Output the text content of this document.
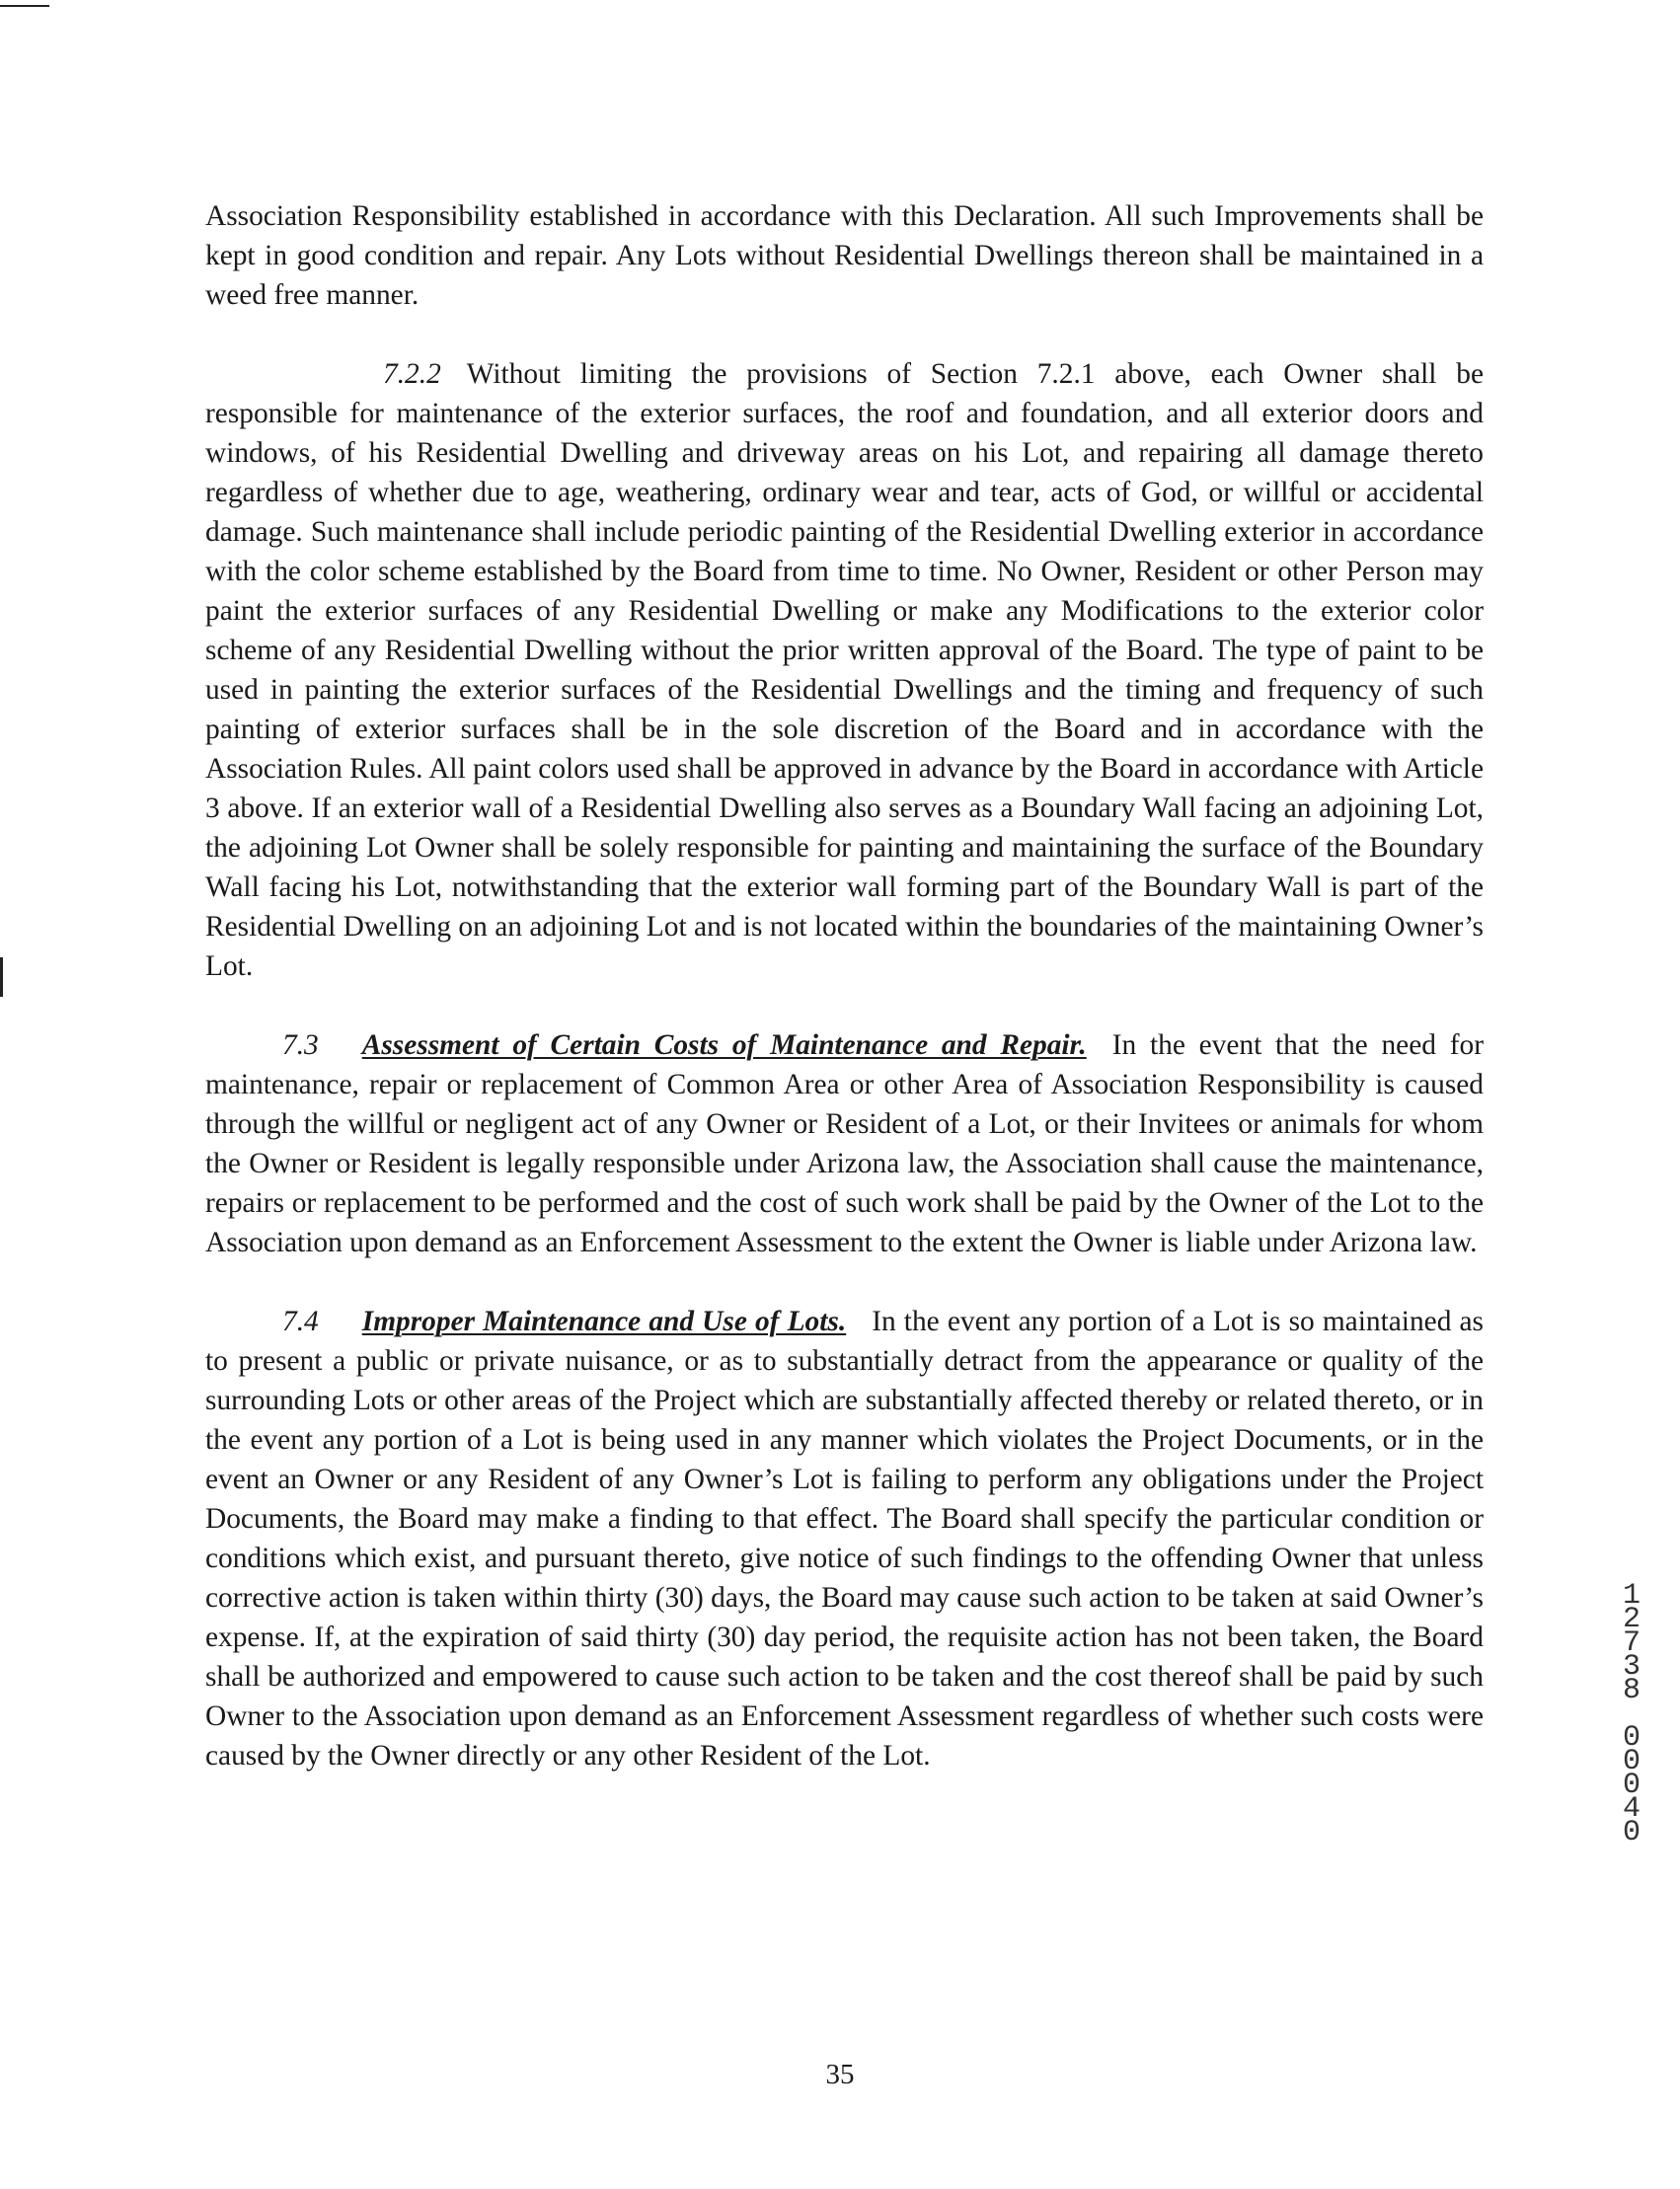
Association Responsibility established in accordance with this Declaration. All such Improvements shall be kept in good condition and repair. Any Lots without Residential Dwellings thereon shall be maintained in a weed free manner.

7.2.2 Without limiting the provisions of Section 7.2.1 above, each Owner shall be responsible for maintenance of the exterior surfaces, the roof and foundation, and all exterior doors and windows, of his Residential Dwelling and driveway areas on his Lot, and repairing all damage thereto regardless of whether due to age, weathering, ordinary wear and tear, acts of God, or willful or accidental damage. Such maintenance shall include periodic painting of the Residential Dwelling exterior in accordance with the color scheme established by the Board from time to time. No Owner, Resident or other Person may paint the exterior surfaces of any Residential Dwelling or make any Modifications to the exterior color scheme of any Residential Dwelling without the prior written approval of the Board. The type of paint to be used in painting the exterior surfaces of the Residential Dwellings and the timing and frequency of such painting of exterior surfaces shall be in the sole discretion of the Board and in accordance with the Association Rules. All paint colors used shall be approved in advance by the Board in accordance with Article 3 above. If an exterior wall of a Residential Dwelling also serves as a Boundary Wall facing an adjoining Lot, the adjoining Lot Owner shall be solely responsible for painting and maintaining the surface of the Boundary Wall facing his Lot, notwithstanding that the exterior wall forming part of the Boundary Wall is part of the Residential Dwelling on an adjoining Lot and is not located within the boundaries of the maintaining Owner’s Lot.

7.3 Assessment of Certain Costs of Maintenance and Repair. In the event that the need for maintenance, repair or replacement of Common Area or other Area of Association Responsibility is caused through the willful or negligent act of any Owner or Resident of a Lot, or their Invitees or animals for whom the Owner or Resident is legally responsible under Arizona law, the Association shall cause the maintenance, repairs or replacement to be performed and the cost of such work shall be paid by the Owner of the Lot to the Association upon demand as an Enforcement Assessment to the extent the Owner is liable under Arizona law.

7.4 Improper Maintenance and Use of Lots. In the event any portion of a Lot is so maintained as to present a public or private nuisance, or as to substantially detract from the appearance or quality of the surrounding Lots or other areas of the Project which are substantially affected thereby or related thereto, or in the event any portion of a Lot is being used in any manner which violates the Project Documents, or in the event an Owner or any Resident of any Owner’s Lot is failing to perform any obligations under the Project Documents, the Board may make a finding to that effect. The Board shall specify the particular condition or conditions which exist, and pursuant thereto, give notice of such findings to the offending Owner that unless corrective action is taken within thirty (30) days, the Board may cause such action to be taken at said Owner’s expense. If, at the expiration of said thirty (30) day period, the requisite action has not been taken, the Board shall be authorized and empowered to cause such action to be taken and the cost thereof shall be paid by such Owner to the Association upon demand as an Enforcement Assessment regardless of whether such costs were caused by the Owner directly or any other Resident of the Lot.

1
2
7
3
8
0
0
0
4
0
35
